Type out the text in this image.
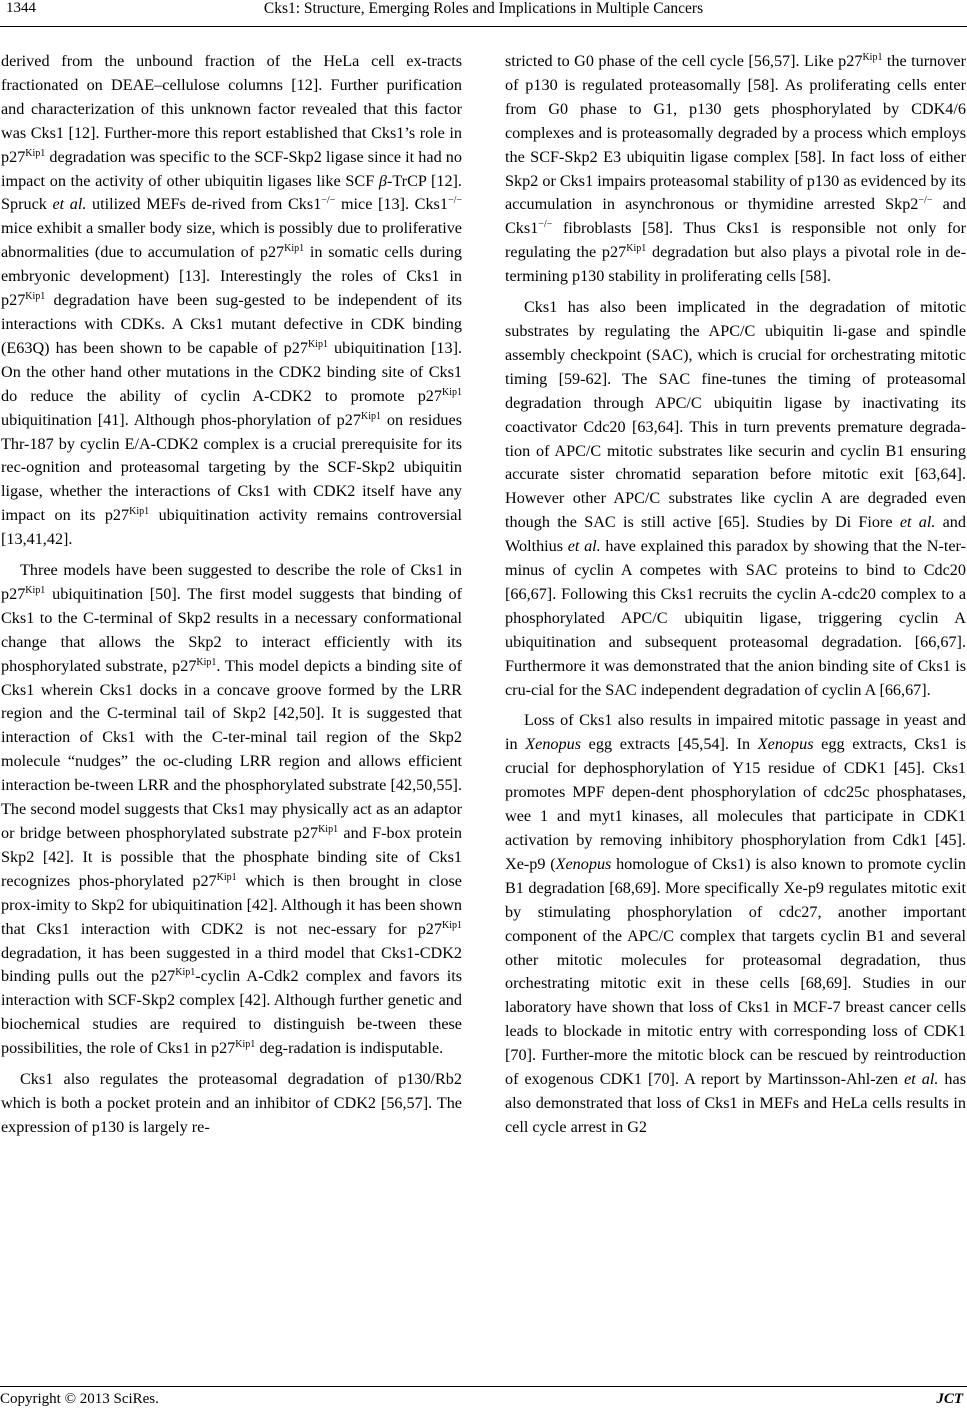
1344	Cks1: Structure, Emerging Roles and Implications in Multiple Cancers

derived from the unbound fraction of the HeLa cell ex-tracts fractionated on DEAE–cellulose columns [12]. Further purification and characterization of this unknown factor revealed that this factor was Cks1 [12]. Further-more this report established that Cks1’s role in $p27^{Kip1}$ degradation was specific to the SCF-Skp2 ligase since it had no impact on the activity of other ubiquitin ligases like SCF β-TrCP [12]. Spruck et al. utilized MEFs de-rived from Cks1−/− mice [13]. Cks1−/− mice exhibit a smaller body size, which is possibly due to proliferative abnormalities (due to accumulation of $p27^{Kip1}$ in somatic cells during embryonic development) [13]. Interestingly the roles of Cks1 in $p27^{Kip1}$ degradation have been sug-gested to be independent of its interactions with CDKs. A Cks1 mutant defective in CDK binding (E63Q) has been shown to be capable of $p27^{Kip1}$ ubiquitination [13]. On the other hand other mutations in the CDK2 binding site of Cks1 do reduce the ability of cyclin A-CDK2 to promote $p27^{Kip1}$ ubiquitination [41]. Although phos-phorylation of $p27^{Kip1}$ on residues Thr-187 by cyclin E/A-CDK2 complex is a crucial prerequisite for its rec-ognition and proteasomal targeting by the SCF-Skp2 ubiquitin ligase, whether the interactions of Cks1 with CDK2 itself have any impact on its $p27^{Kip1}$ ubiquitination activity remains controversial [13,41,42].

Three models have been suggested to describe the role of Cks1 in $p27^{Kip1}$ ubiquitination [50]. The first model suggests that binding of Cks1 to the C-terminal of Skp2 results in a necessary conformational change that allows the Skp2 to interact efficiently with its phosphorylated substrate, $p27^{Kip1}$. This model depicts a binding site of Cks1 wherein Cks1 docks in a concave groove formed by the LRR region and the C-terminal tail of Skp2 [42,50]. It is suggested that interaction of Cks1 with the C-ter-minal tail region of the Skp2 molecule “nudges” the oc-cluding LRR region and allows efficient interaction be-tween LRR and the phosphorylated substrate [42,50,55]. The second model suggests that Cks1 may physically act as an adaptor or bridge between phosphorylated substrate $p27^{Kip1}$ and F-box protein Skp2 [42]. It is possible that the phosphate binding site of Cks1 recognizes phos-phorylated $p27^{Kip1}$ which is then brought in close prox-imity to Skp2 for ubiquitination [42]. Although it has been shown that Cks1 interaction with CDK2 is not nec-essary for $p27^{Kip1}$ degradation, it has been suggested in a third model that Cks1-CDK2 binding pulls out the $p27^{Kip1}$-cyclin A-Cdk2 complex and favors its interaction with SCF-Skp2 complex [42]. Although further genetic and biochemical studies are required to distinguish be-tween these possibilities, the role of Cks1 in $p27^{Kip1}$ deg-radation is indisputable.

Cks1 also regulates the proteasomal degradation of p130/Rb2 which is both a pocket protein and an inhibitor of CDK2 [56,57]. The expression of p130 is largely re-

stricted to G0 phase of the cell cycle [56,57]. Like $p27^{Kip1}$ the turnover of p130 is regulated proteasomally [58]. As proliferating cells enter from G0 phase to G1, p130 gets phosphorylated by CDK4/6 complexes and is proteasomally degraded by a process which employs the SCF-Skp2 E3 ubiquitin ligase complex [58]. In fact loss of either Skp2 or Cks1 impairs proteasomal stability of p130 as evidenced by its accumulation in asynchronous or thymidine arrested Skp2−/− and Cks1−/− fibroblasts [58]. Thus Cks1 is responsible not only for regulating the $p27^{Kip1}$ degradation but also plays a pivotal role in de-termining p130 stability in proliferating cells [58].

Cks1 has also been implicated in the degradation of mitotic substrates by regulating the APC/C ubiquitin li-gase and spindle assembly checkpoint (SAC), which is crucial for orchestrating mitotic timing [59-62]. The SAC fine-tunes the timing of proteasomal degradation through APC/C ubiquitin ligase by inactivating its coactivator Cdc20 [63,64]. This in turn prevents premature degrada-tion of APC/C mitotic substrates like securin and cyclin B1 ensuring accurate sister chromatid separation before mitotic exit [63,64]. However other APC/C substrates like cyclin A are degraded even though the SAC is still active [65]. Studies by Di Fiore et al. and Wolthius et al. have explained this paradox by showing that the N-ter-minus of cyclin A competes with SAC proteins to bind to Cdc20 [66,67]. Following this Cks1 recruits the cyclin A-cdc20 complex to a phosphorylated APC/C ubiquitin ligase, triggering cyclin A ubiquitination and subsequent proteasomal degradation. [66,67]. Furthermore it was demonstrated that the anion binding site of Cks1 is cru-cial for the SAC independent degradation of cyclin A [66,67].

Loss of Cks1 also results in impaired mitotic passage in yeast and in Xenopus egg extracts [45,54]. In Xenopus egg extracts, Cks1 is crucial for dephosphorylation of Y15 residue of CDK1 [45]. Cks1 promotes MPF depen-dent phosphorylation of cdc25c phosphatases, wee 1 and myt1 kinases, all molecules that participate in CDK1 activation by removing inhibitory phosphorylation from Cdk1 [45]. Xe-p9 (Xenopus homologue of Cks1) is also known to promote cyclin B1 degradation [68,69]. More specifically Xe-p9 regulates mitotic exit by stimulating phosphorylation of cdc27, another important component of the APC/C complex that targets cyclin B1 and several other mitotic molecules for proteasomal degradation, thus orchestrating mitotic exit in these cells [68,69]. Studies in our laboratory have shown that loss of Cks1 in MCF-7 breast cancer cells leads to blockade in mitotic entry with corresponding loss of CDK1 [70]. Further-more the mitotic block can be rescued by reintroduction of exogenous CDK1 [70]. A report by Martinsson-Ahl-zen et al. has also demonstrated that loss of Cks1 in MEFs and HeLa cells results in cell cycle arrest in G2

Copyright © 2013 SciRes.	JCT
